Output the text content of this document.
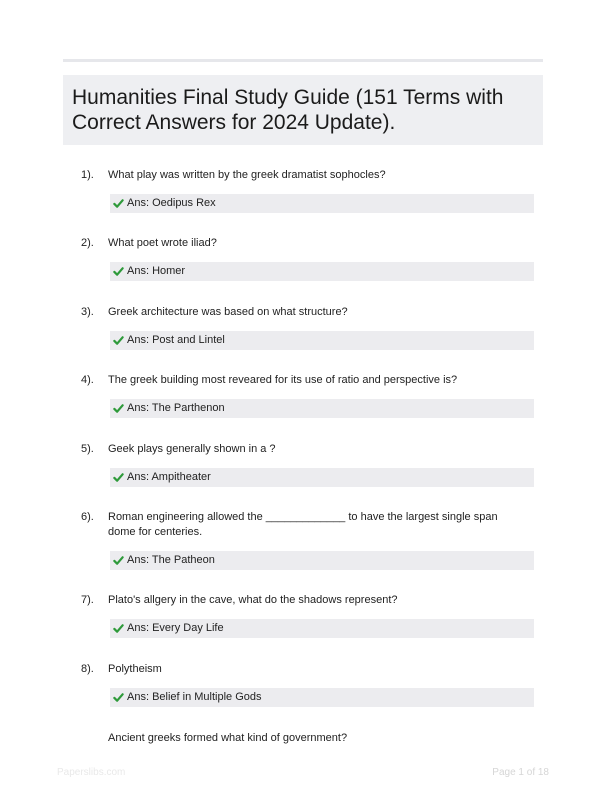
Humanities Final Study Guide (151 Terms with Correct Answers for 2024 Update).
1). What play was written by the greek dramatist sophocles?
Ans: Oedipus Rex
2). What poet wrote iliad?
Ans: Homer
3). Greek architecture was based on what structure?
Ans: Post and Lintel
4). The greek building most reveared for its use of ratio and perspective is?
Ans: The Parthenon
5). Geek plays generally shown in a ?
Ans: Ampitheater
6). Roman engineering allowed the _____________ to have the largest single span dome for centeries.
Ans: The Patheon
7). Plato's allgery in the cave, what do the shadows represent?
Ans: Every Day Life
8). Polytheism
Ans: Belief in Multiple Gods
Ancient greeks formed what kind of government?
Paperslibs.com	Page 1 of 18
